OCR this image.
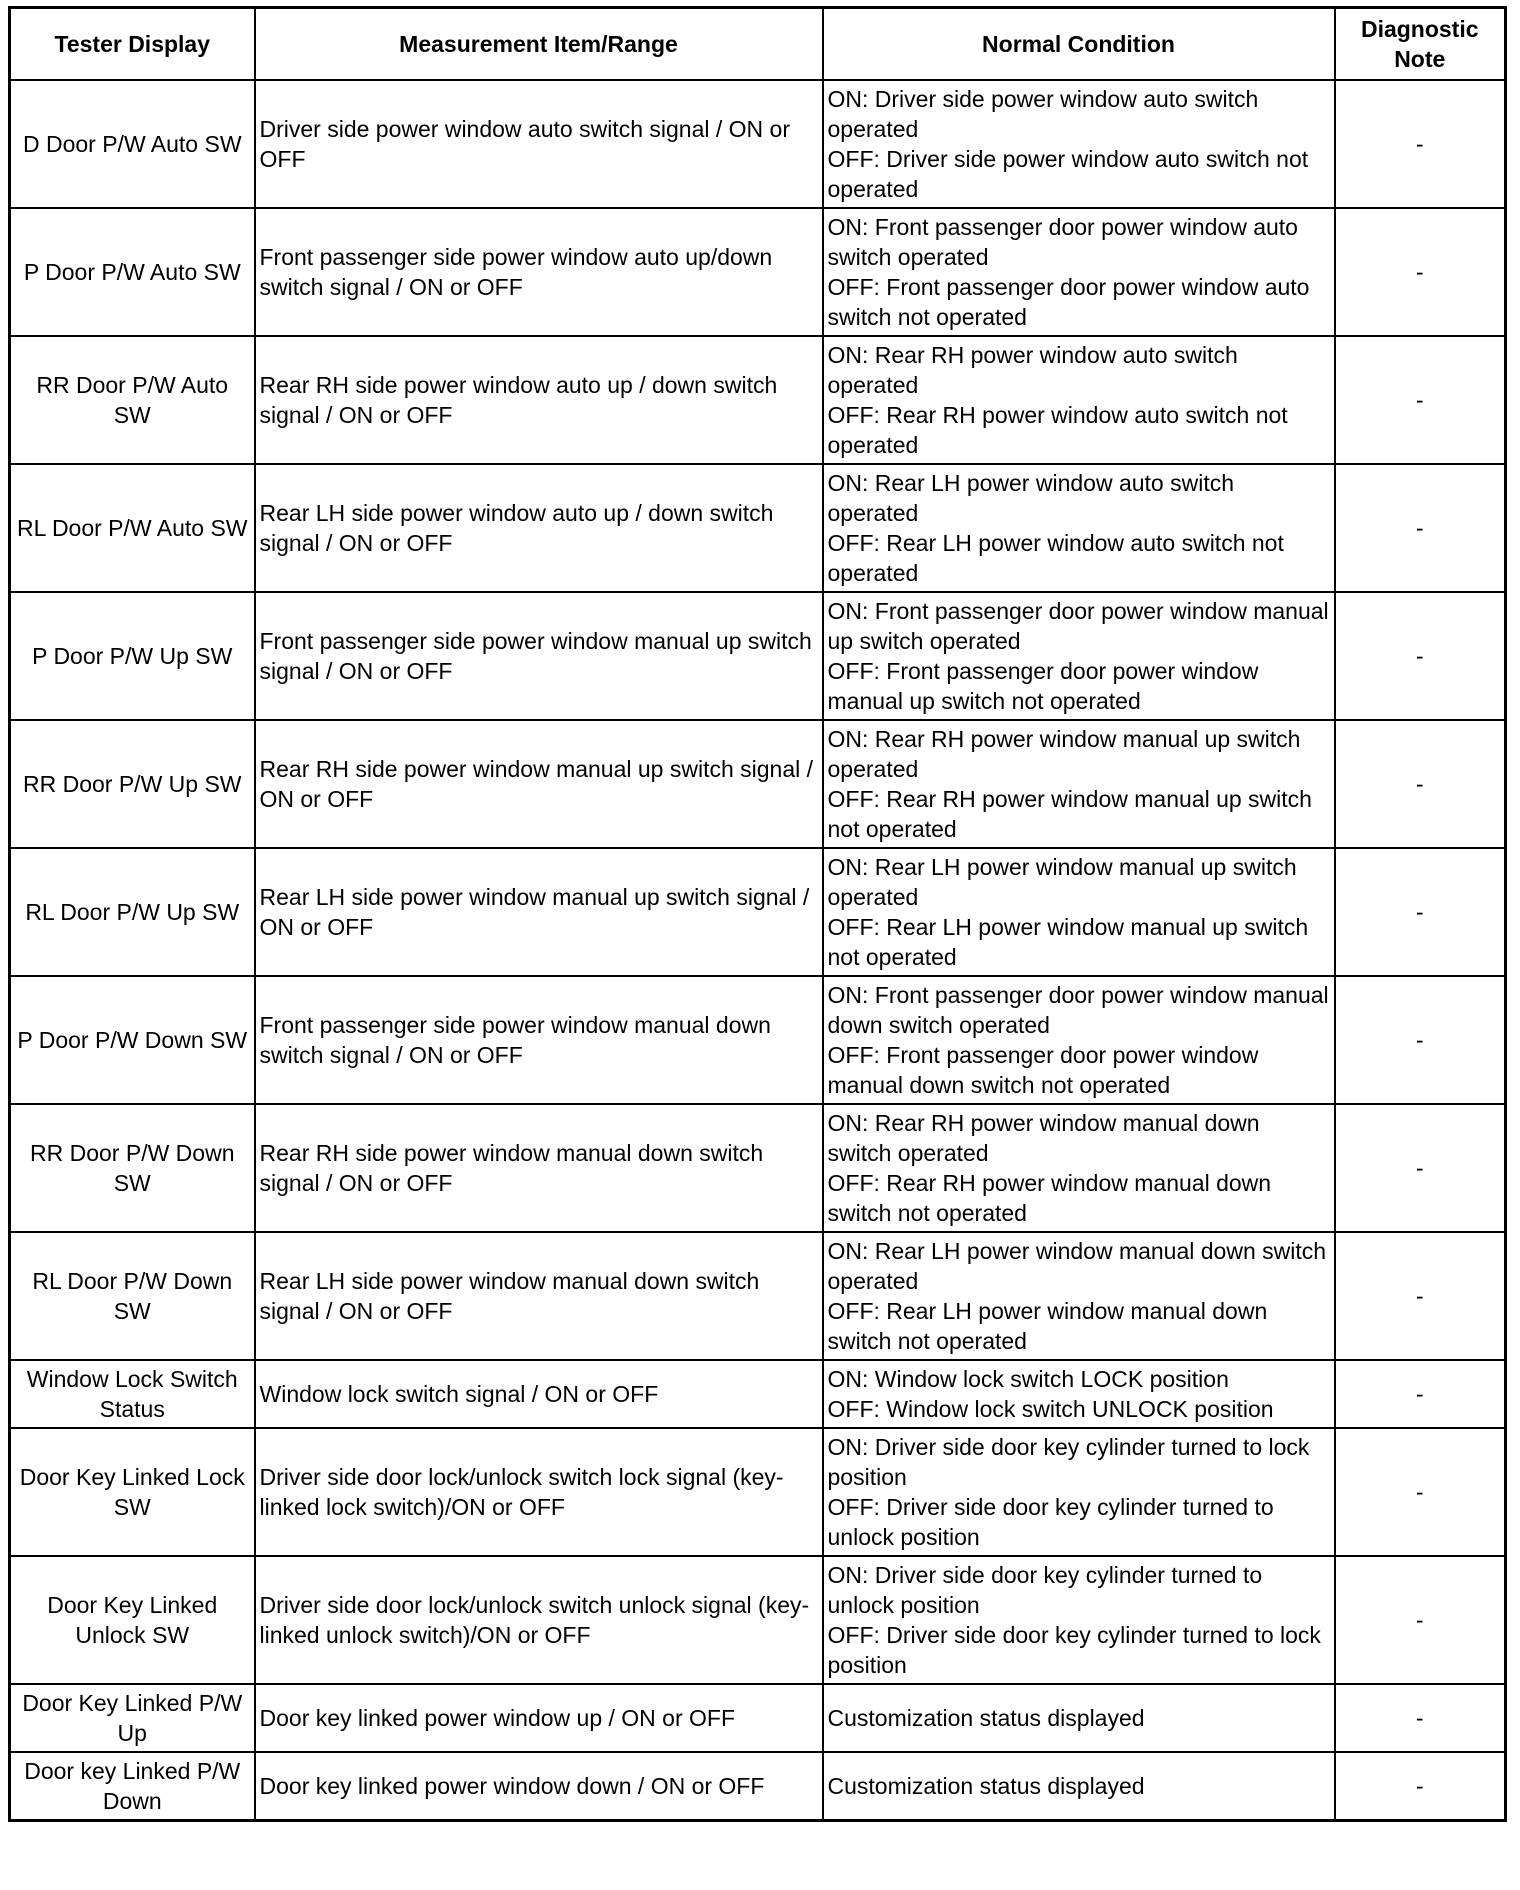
Tester Display	Measurement Item/Range	Normal Condition	Diagnostic
Note

D Door P/W Auto SW	Driver side power window auto switch signal / ON or OFF	ON: Driver side power window auto switch operated
OFF: Driver side power window auto switch not operated	-
P Door P/W Auto SW	Front passenger side power window auto up/down switch signal / ON or OFF	ON: Front passenger door power window auto switch operated
OFF: Front passenger door power window auto switch not operated	-
RR Door P/W Auto SW	Rear RH side power window auto up / down switch signal / ON or OFF	ON: Rear RH power window auto switch operated
OFF: Rear RH power window auto switch not operated	-
RL Door P/W Auto SW	Rear LH side power window auto up / down switch signal / ON or OFF	ON: Rear LH power window auto switch operated
OFF: Rear LH power window auto switch not operated	-
P Door P/W Up SW	Front passenger side power window manual up switch signal / ON or OFF	ON: Front passenger door power window manual up switch operated
OFF: Front passenger door power window manual up switch not operated	-
RR Door P/W Up SW	Rear RH side power window manual up switch signal / ON or OFF	ON: Rear RH power window manual up switch operated
OFF: Rear RH power window manual up switch not operated	-
RL Door P/W Up SW	Rear LH side power window manual up switch signal / ON or OFF	ON: Rear LH power window manual up switch operated
OFF: Rear LH power window manual up switch not operated	-
P Door P/W Down SW	Front passenger side power window manual down switch signal / ON or OFF	ON: Front passenger door power window manual down switch operated
OFF: Front passenger door power window manual down switch not operated	-
RR Door P/W Down SW	Rear RH side power window manual down switch signal / ON or OFF	ON: Rear RH power window manual down switch operated
OFF: Rear RH power window manual down switch not operated	-
RL Door P/W Down SW	Rear LH side power window manual down switch signal / ON or OFF	ON: Rear LH power window manual down switch operated
OFF: Rear LH power window manual down switch not operated	-
Window Lock Switch Status	Window lock switch signal / ON or OFF	ON: Window lock switch LOCK position
OFF: Window lock switch UNLOCK position	-
Door Key Linked Lock SW	Driver side door lock/unlock switch lock signal (key-linked lock switch)/ON or OFF	ON: Driver side door key cylinder turned to lock position
OFF: Driver side door key cylinder turned to unlock position	-
Door Key Linked Unlock SW	Driver side door lock/unlock switch unlock signal (key-linked unlock switch)/ON or OFF	ON: Driver side door key cylinder turned to unlock position
OFF: Driver side door key cylinder turned to lock position	-
Door Key Linked P/W Up	Door key linked power window up / ON or OFF	Customization status displayed	-
Door key Linked P/W Down	Door key linked power window down / ON or OFF	Customization status displayed	-
